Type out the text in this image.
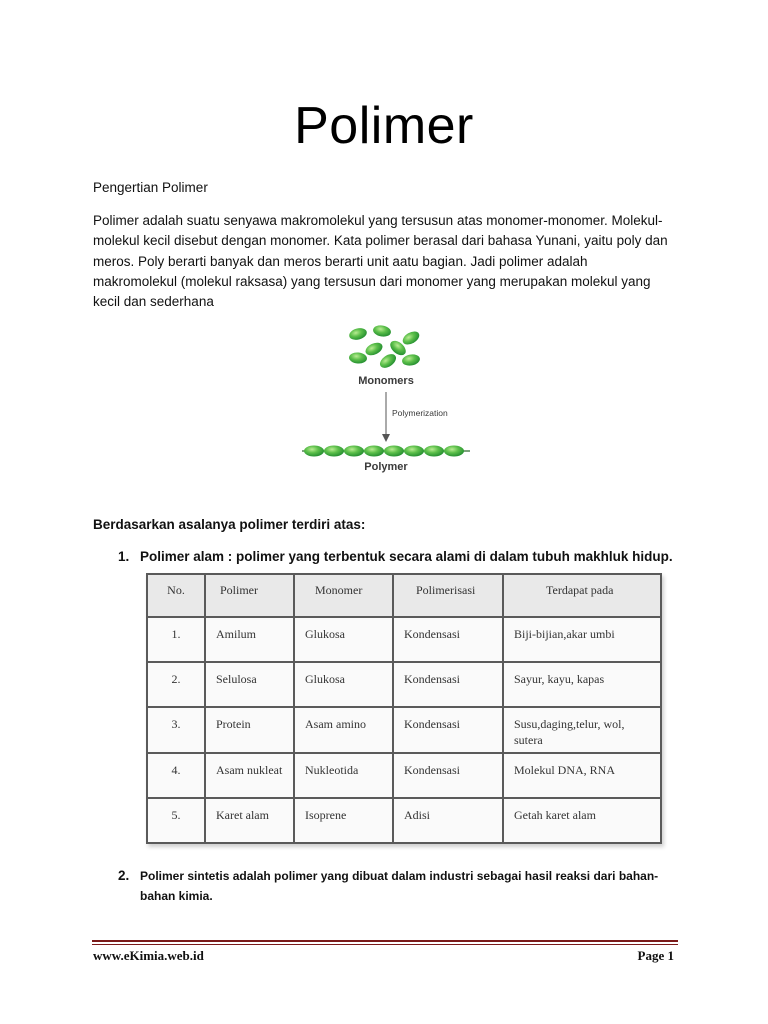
Polimer
Pengertian Polimer
Polimer adalah suatu senyawa makromolekul yang tersusun atas monomer-monomer. Molekul-molekul kecil disebut dengan monomer. Kata polimer berasal dari bahasa Yunani, yaitu poly dan meros. Poly berarti banyak dan meros berarti unit aatu bagian. Jadi polimer adalah makromolekul (molekul raksasa) yang tersusun dari monomer yang merupakan molekul yang kecil dan sederhana
Monomers
Polymerization
Polymer
Berdasarkan asalanya polimer terdiri atas:
1. Polimer alam : polimer yang terbentuk secara alami di dalam tubuh makhluk hidup.
No.	Polimer	Monomer	Polimerisasi	Terdapat pada
1.	Amilum	Glukosa	Kondensasi	Biji-bijian,akar umbi
2.	Selulosa	Glukosa	Kondensasi	Sayur, kayu, kapas
3.	Protein	Asam amino	Kondensasi	Susu,daging,telur, wol, sutera
4.	Asam nukleat	Nukleotida	Kondensasi	Molekul DNA, RNA
5.	Karet alam	Isoprene	Adisi	Getah karet alam
2. Polimer sintetis adalah polimer yang dibuat dalam industri sebagai hasil reaksi dari bahan-bahan kimia.
www.eKimia.web.id	Page 1
